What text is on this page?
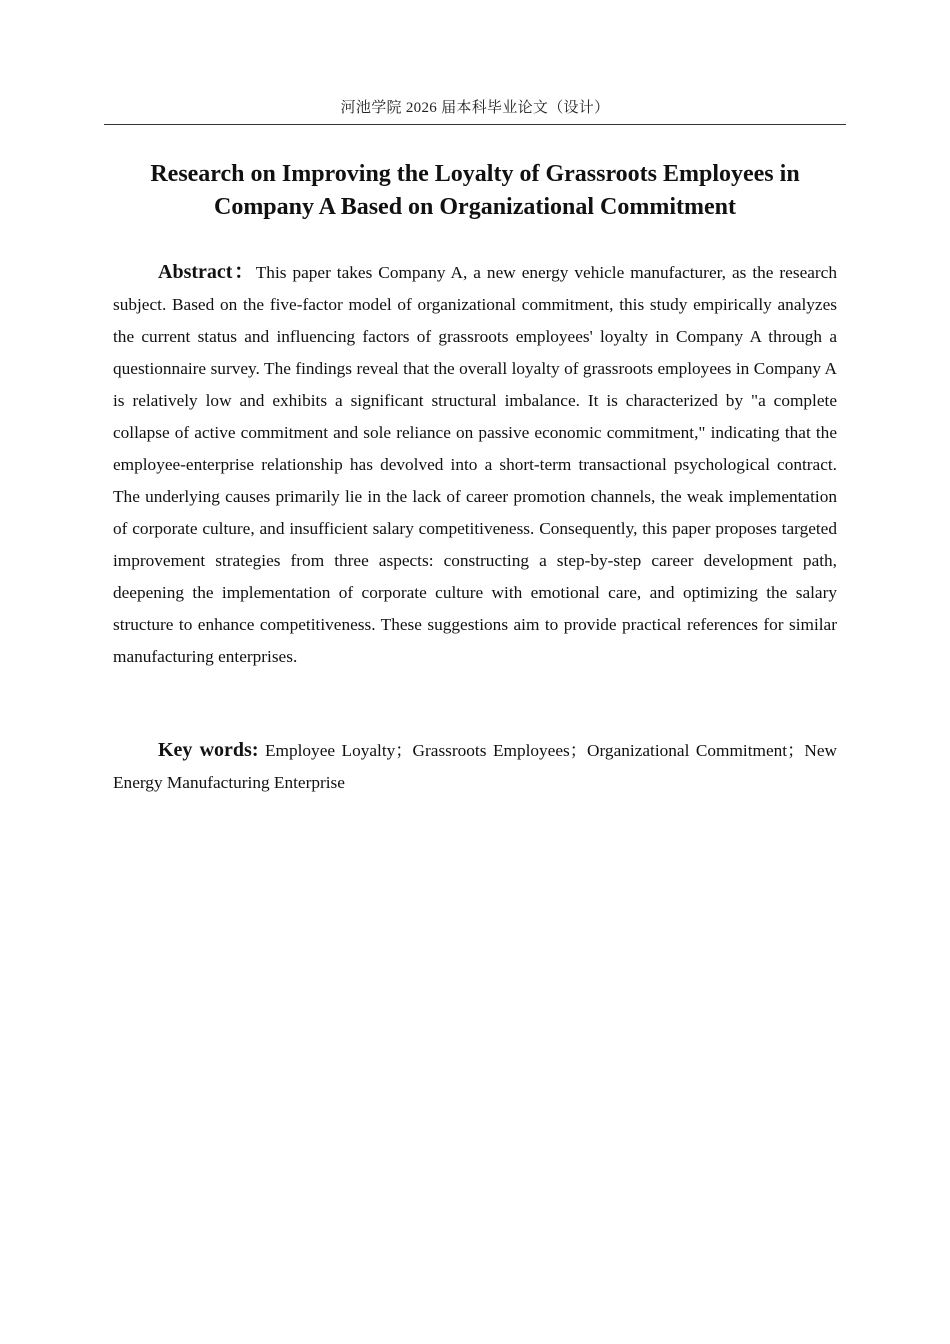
河池学院 2026 届本科毕业论文（设计）
Research on Improving the Loyalty of Grassroots Employees in
Company A Based on Organizational Commitment

Abstract：This paper takes Company A, a new energy vehicle manufacturer, as the research subject. Based on the five-factor model of organizational commitment, this study empirically analyzes the current status and influencing factors of grassroots employees' loyalty in Company A through a questionnaire survey. The findings reveal that the overall loyalty of grassroots employees in Company A is relatively low and exhibits a significant structural imbalance. It is characterized by "a complete collapse of active commitment and sole reliance on passive economic commitment," indicating that the employee-enterprise relationship has devolved into a short-term transactional psychological contract. The underlying causes primarily lie in the lack of career promotion channels, the weak implementation of corporate culture, and insufficient salary competitiveness. Consequently, this paper proposes targeted improvement strategies from three aspects: constructing a step-by-step career development path, deepening the implementation of corporate culture with emotional care, and optimizing the salary structure to enhance competitiveness. These suggestions aim to provide practical references for similar manufacturing enterprises.

Key words: Employee Loyalty；Grassroots Employees；Organizational Commitment；New Energy Manufacturing Enterprise
